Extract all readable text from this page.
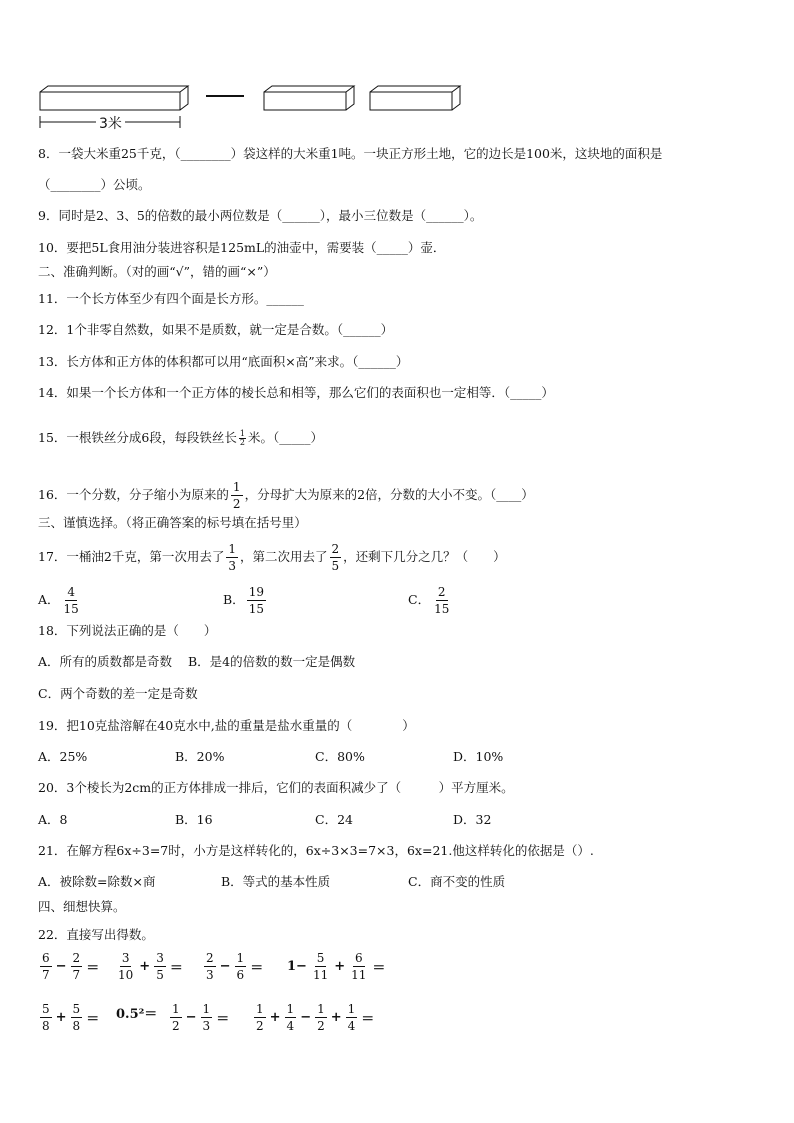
3米
8．一袋大米重25千克，（________）袋这样的大米重1吨。一块正方形土地，它的边长是100米，这块地的面积是
（________）公顷。
9．同时是2、3、5的倍数的最小两位数是（______），最小三位数是（______）。
10．要把5L食用油分装进容积是125mL的油壶中，需要装（_____）壶．
二、准确判断。（对的画“√”，错的画“×”）
11．一个长方体至少有四个面是长方形。______
12．1个非零自然数，如果不是质数，就一定是合数。（______）
13．长方体和正方体的体积都可以用“底面积×高”来求。（______）
14．如果一个长方体和一个正方体的棱长总和相等，那么它们的表面积也一定相等．（_____）
15．一根铁丝分成6段，每段铁丝长 $\frac{1}{2}$ 米。（_____）
16．一个分数，分子缩小为原来的 $\frac{1}{2}$ ，分母扩大为原来的2倍，分数的大小不变。（____）
三、谨慎选择。（将正确答案的标号填在括号里）
17．一桶油2千克，第一次用去了 $\frac{1}{3}$ ，第二次用去了 $\frac{2}{5}$ ，还剩下几分之几？（　　）
A． $\frac{4}{15}$	B． $\frac{19}{15}$	C． $\frac{2}{15}$
18．下列说法正确的是（　　）
A．所有的质数都是奇数 B．是4的倍数的数一定是偶数
C．两个奇数的差一定是奇数
19．把10克盐溶解在40克水中,盐的重量是盐水重量的（　　　　）
A．25%	B．20%	C．80%	D．10%
20．3个棱长为2cm的正方体排成一排后，它们的表面积减少了（　　　）平方厘米。
A．8	B．16	C．24	D．32
21．在解方程6x÷3=7时，小方是这样转化的，6x÷3×3=7×3，6x=21.他这样转化的依据是（）.
A．被除数=除数×商	B．等式的基本性质	C．商不变的性质
四、细想快算。
22．直接写出得数。
$\frac{6}{7} - \frac{2}{7} = \frac{3}{10} + \frac{3}{5} = \frac{2}{3} - \frac{1}{6} = 1- \frac{5}{11} + \frac{6}{11}$ ＝
$\frac{5}{8} + \frac{5}{8} = 0.5^2= \frac{1}{2} - \frac{1}{3} = \frac{1}{2} + \frac{1}{4} - \frac{1}{2} + \frac{1}{4}$ ＝
